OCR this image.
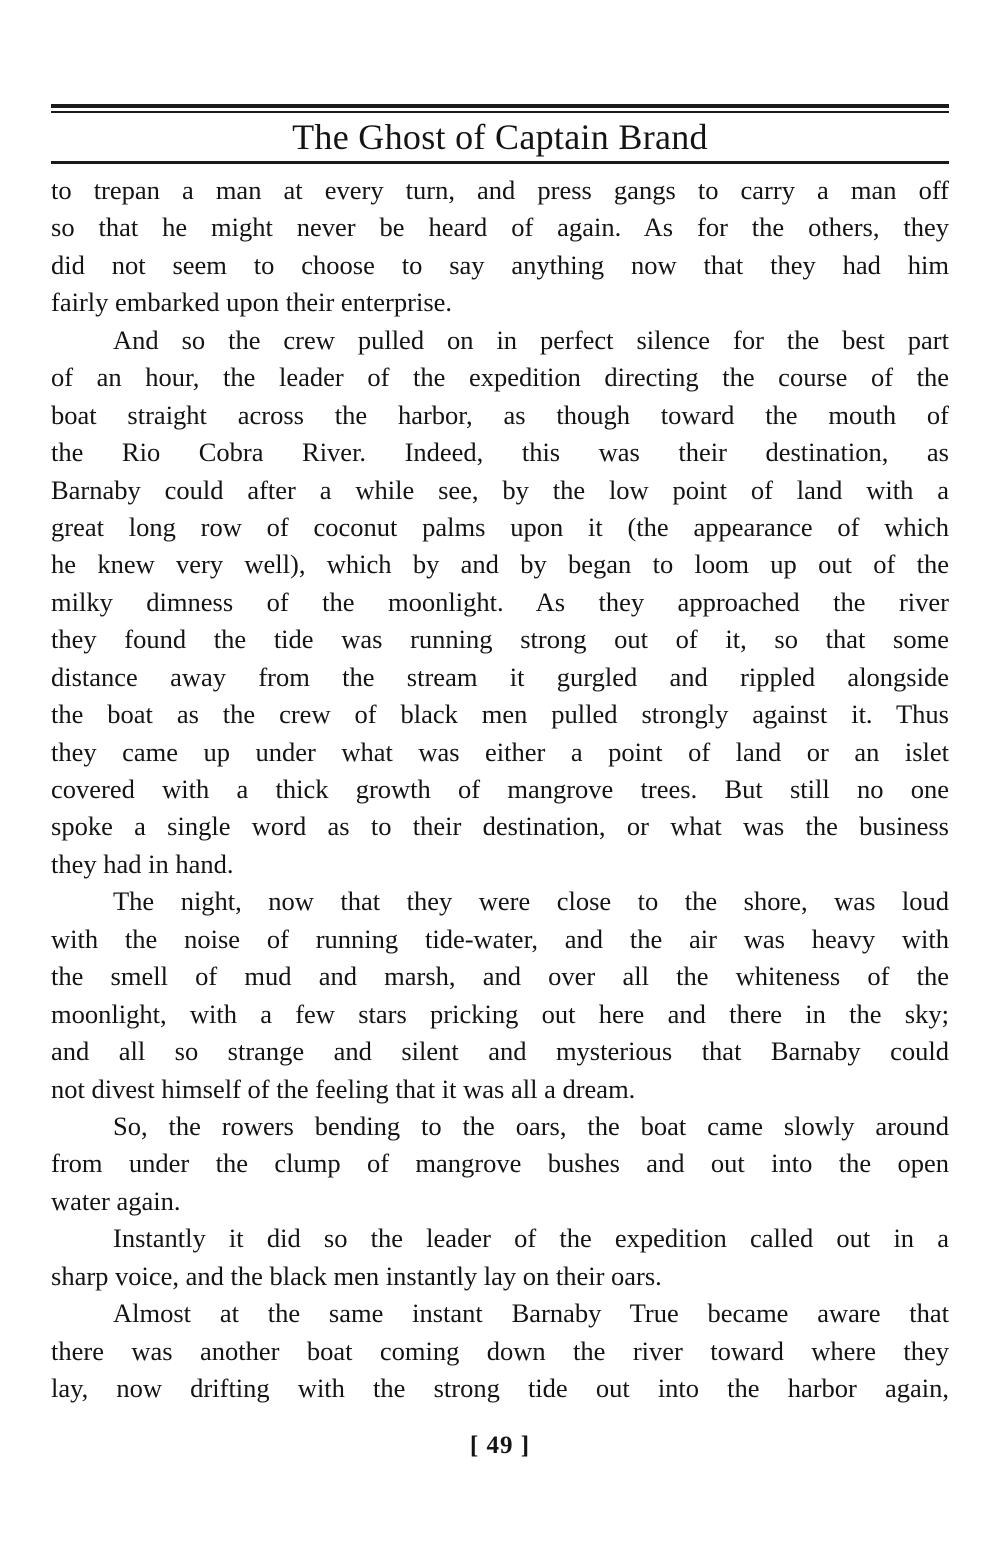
The Ghost of Captain Brand
to trepan a man at every turn, and press gangs to carry a man off
so that he might never be heard of again. As for the others, they
did not seem to choose to say anything now that they had him
fairly embarked upon their enterprise.
And so the crew pulled on in perfect silence for the best part
of an hour, the leader of the expedition directing the course of the
boat straight across the harbor, as though toward the mouth of
the Rio Cobra River. Indeed, this was their destination, as
Barnaby could after a while see, by the low point of land with a
great long row of coconut palms upon it (the appearance of which
he knew very well), which by and by began to loom up out of the
milky dimness of the moonlight. As they approached the river
they found the tide was running strong out of it, so that some
distance away from the stream it gurgled and rippled alongside
the boat as the crew of black men pulled strongly against it. Thus
they came up under what was either a point of land or an islet
covered with a thick growth of mangrove trees. But still no one
spoke a single word as to their destination, or what was the business
they had in hand.
The night, now that they were close to the shore, was loud
with the noise of running tide-water, and the air was heavy with
the smell of mud and marsh, and over all the whiteness of the
moonlight, with a few stars pricking out here and there in the sky;
and all so strange and silent and mysterious that Barnaby could
not divest himself of the feeling that it was all a dream.
So, the rowers bending to the oars, the boat came slowly around
from under the clump of mangrove bushes and out into the open
water again.
Instantly it did so the leader of the expedition called out in a
sharp voice, and the black men instantly lay on their oars.
Almost at the same instant Barnaby True became aware that
there was another boat coming down the river toward where they
lay, now drifting with the strong tide out into the harbor again,
[ 49 ]
